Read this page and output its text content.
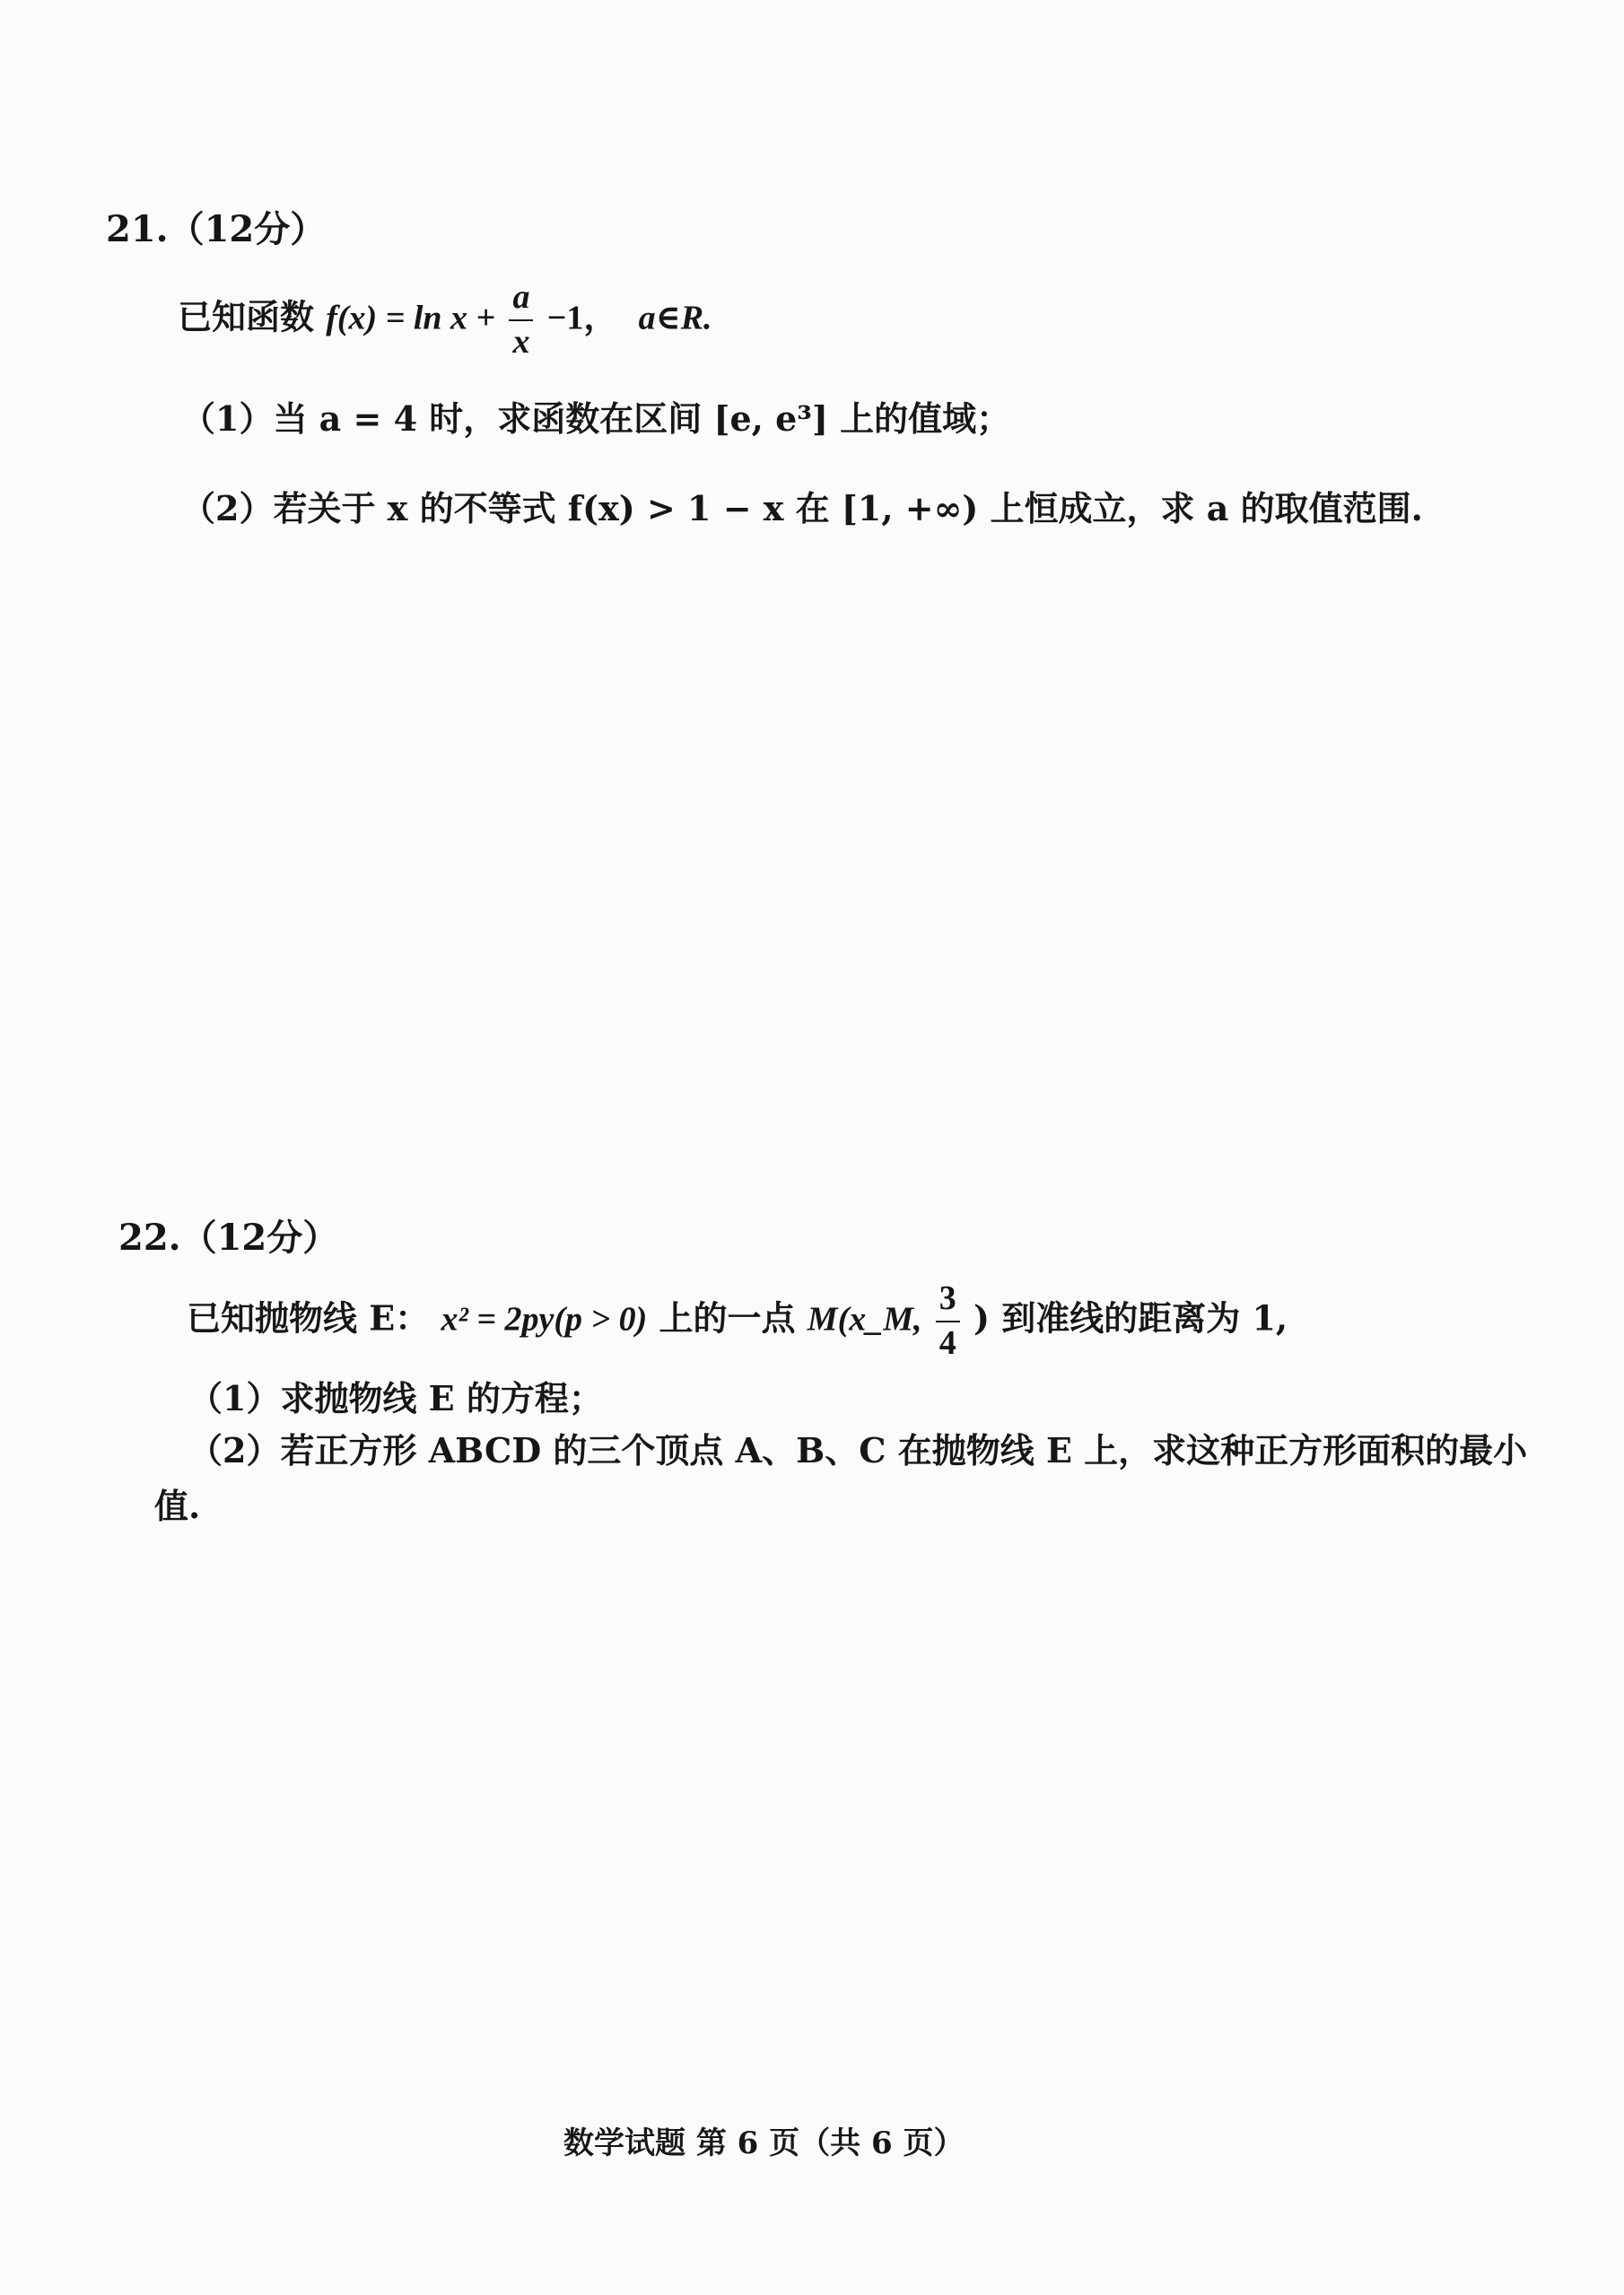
21.（12分）
已知函数 $f(x) = \ln x + \frac{a}{x} -1$， a∈R.
（1）当 a = 4 时，求函数在区间 [e, e³] 上的值域；
（2）若关于 x 的不等式 f(x) > 1 − x 在 [1, +∞) 上恒成立，求 a 的取值范围.
22.（12分）
已知抛物线 E： x² = 2py(p > 0) 上的一点 M(x_M, $\frac{3}{4}$ ) 到准线的距离为 1,
（1）求抛物线 E 的方程；
（2）若正方形 ABCD 的三个顶点 A、B、C 在抛物线 E 上，求这种正方形面积的最小
值.
数学试题 第 6 页（共 6 页）
